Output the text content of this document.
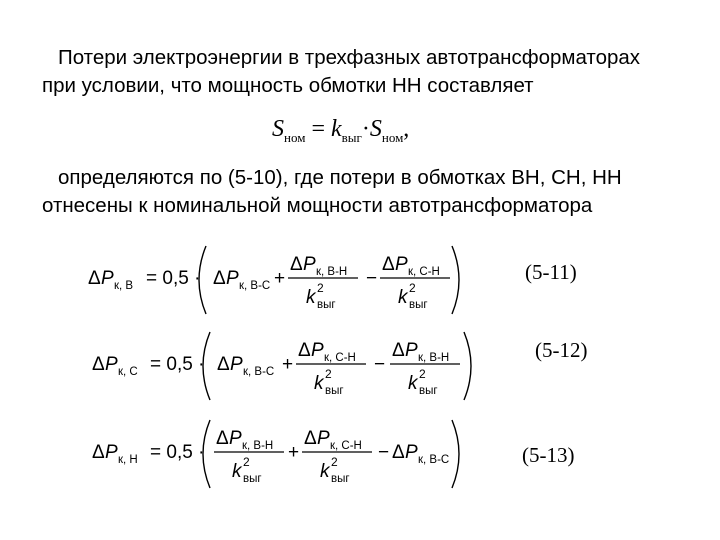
Потери электроэнергии в трехфазных автотрансформаторах
при условии, что мощность обмотки НН составляет
$S_{ном} = k_{выг}\cdot S_{ном}$,
определяются по (5-10), где потери в обмотках ВН, СН, НН
отнесены к номинальной мощности автотрансформатора
Δ P к, В = 0,5 · Δ P к, В-С +
Δ P к, В-Н
k 2
выг
−
Δ P к, С-Н
k 2
выг
(5-11)
Δ P к, С = 0,5 · Δ P к, В-С +
Δ P к, С-Н
k 2
выг
−
Δ P к, В-Н
k 2
выг
(5-12)
Δ P к, Н = 0,5 ·
Δ P к, В-Н
k 2
выг
+
Δ P к, С-Н
k 2
выг
− Δ P к, В-С	(5-13)
